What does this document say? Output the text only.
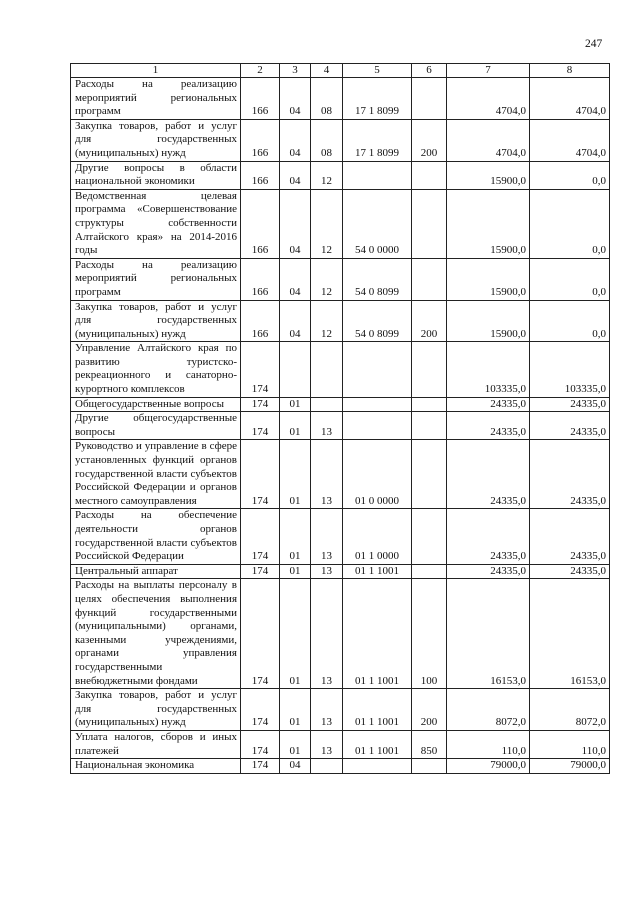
247
1	2	3	4	5	6	7	8
Расходы на реализацию мероприятий региональных программ	166	04	08	17 1 8099		4704,0	4704,0
Закупка товаров, работ и услуг для государственных (муниципальных) нужд	166	04	08	17 1 8099	200	4704,0	4704,0
Другие вопросы в области национальной экономики	166	04	12			15900,0	0,0
Ведомственная целевая программа «Совершенствование структуры собственности Алтайского края» на 2014-2016 годы	166	04	12	54 0 0000		15900,0	0,0
Расходы на реализацию мероприятий региональных программ	166	04	12	54 0 8099		15900,0	0,0
Закупка товаров, работ и услуг для государственных (муниципальных) нужд	166	04	12	54 0 8099	200	15900,0	0,0
Управление Алтайского края по развитию туристско-рекреационного и санаторно-курортного комплексов	174					103335,0	103335,0
Общегосударственные вопросы	174	01				24335,0	24335,0
Другие общегосударственные вопросы	174	01	13			24335,0	24335,0
Руководство и управление в сфере установленных функций органов государственной власти субъектов Российской Федерации и органов местного самоуправления	174	01	13	01 0 0000		24335,0	24335,0
Расходы на обеспечение деятельности органов государственной власти субъектов Российской Федерации	174	01	13	01 1 0000		24335,0	24335,0
Центральный аппарат	174	01	13	01 1 1001		24335,0	24335,0
Расходы на выплаты персоналу в целях обеспечения выполнения функций государственными (муниципальными) органами, казенными учреждениями, органами управления государственными внебюджетными фондами	174	01	13	01 1 1001	100	16153,0	16153,0
Закупка товаров, работ и услуг для государственных (муниципальных) нужд	174	01	13	01 1 1001	200	8072,0	8072,0
Уплата налогов, сборов и иных платежей	174	01	13	01 1 1001	850	110,0	110,0
Национальная экономика	174	04				79000,0	79000,0
